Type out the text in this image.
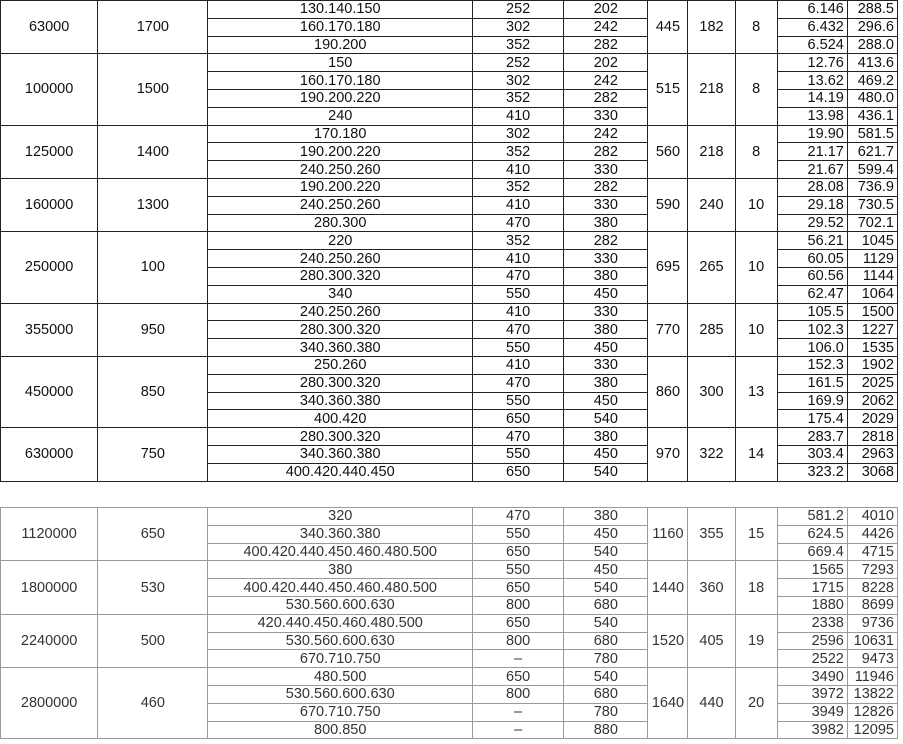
63000	1700	130.140.150	252	202	445	182	8	6.146	288.5
		160.170.180	302	242				6.432	296.6
		190.200	352	282				6.524	288.0
100000	1500	150	252	202	515	218	8	12.76	413.6
		160.170.180	302	242				13.62	469.2
		190.200.220	352	282				14.19	480.0
		240	410	330				13.98	436.1
125000	1400	170.180	302	242	560	218	8	19.90	581.5
		190.200.220	352	282				21.17	621.7
		240.250.260	410	330				21.67	599.4
160000	1300	190.200.220	352	282	590	240	10	28.08	736.9
		240.250.260	410	330				29.18	730.5
		280.300	470	380				29.52	702.1
250000	100	220	352	282	695	265	10	56.21	1045
		240.250.260	410	330				60.05	1129
		280.300.320	470	380				60.56	1144
		340	550	450				62.47	1064
355000	950	240.250.260	410	330	770	285	10	105.5	1500
		280.300.320	470	380				102.3	1227
		340.360.380	550	450				106.0	1535
450000	850	250.260	410	330	860	300	13	152.3	1902
		280.300.320	470	380				161.5	2025
		340.360.380	550	450				169.9	2062
		400.420	650	540				175.4	2029
630000	750	280.300.320	470	380	970	322	14	283.7	2818
		340.360.380	550	450				303.4	2963
		400.420.440.450	650	540				323.2	3068
1120000	650	320	470	380	1160	355	15	581.2	4010
		340.360.380	550	450				624.5	4426
		400.420.440.450.460.480.500	650	540				669.4	4715
1800000	530	380	550	450	1440	360	18	1565	7293
		400.420.440.450.460.480.500	650	540				1715	8228
		530.560.600.630	800	680				1880	8699
2240000	500	420.440.450.460.480.500	650	540	1520	405	19	2338	9736
		530.560.600.630	800	680				2596	10631
		670.710.750	–	780				2522	9473
2800000	460	480.500	650	540	1640	440	20	3490	11946
		530.560.600.630	800	680				3972	13822
		670.710.750	–	780				3949	12826
		800.850	–	880				3982	12095
